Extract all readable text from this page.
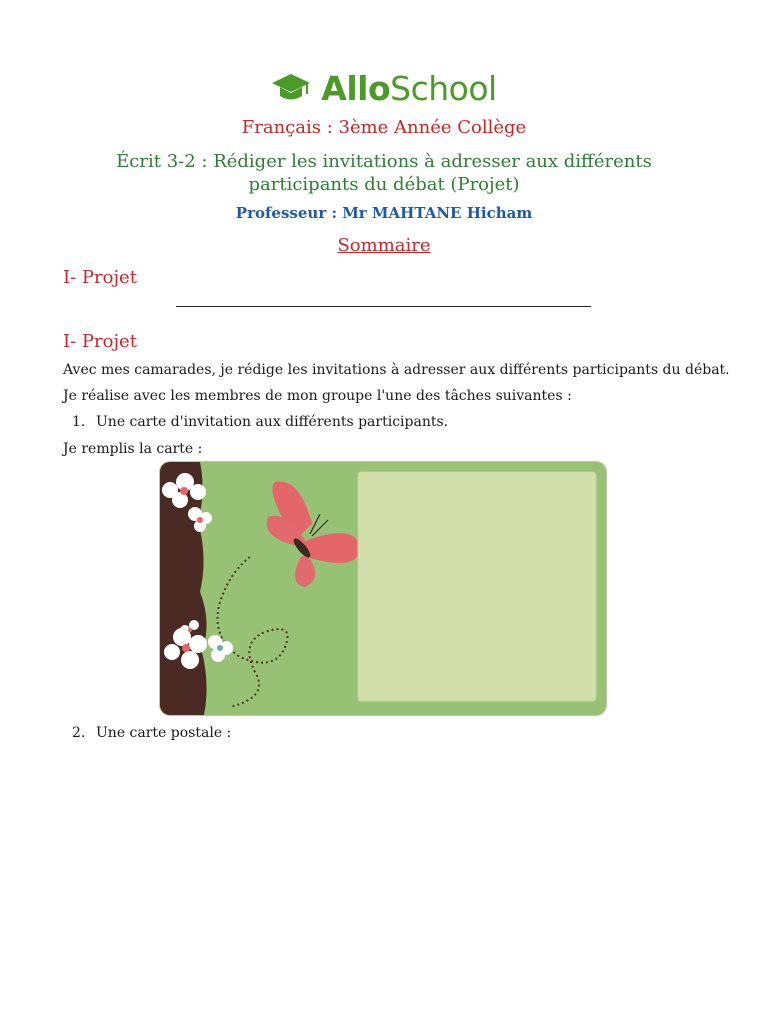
AlloSchool
Français : 3ème Année Collège
Écrit 3-2 : Rédiger les invitations à adresser aux différents participants du débat (Projet)
Professeur : Mr MAHTANE Hicham
Sommaire
I- Projet
I- Projet
Avec mes camarades, je rédige les invitations à adresser aux différents participants du débat.
Je réalise avec les membres de mon groupe l'une des tâches suivantes :
1. Une carte d'invitation aux différents participants.
Je remplis la carte :
2. Une carte postale :
